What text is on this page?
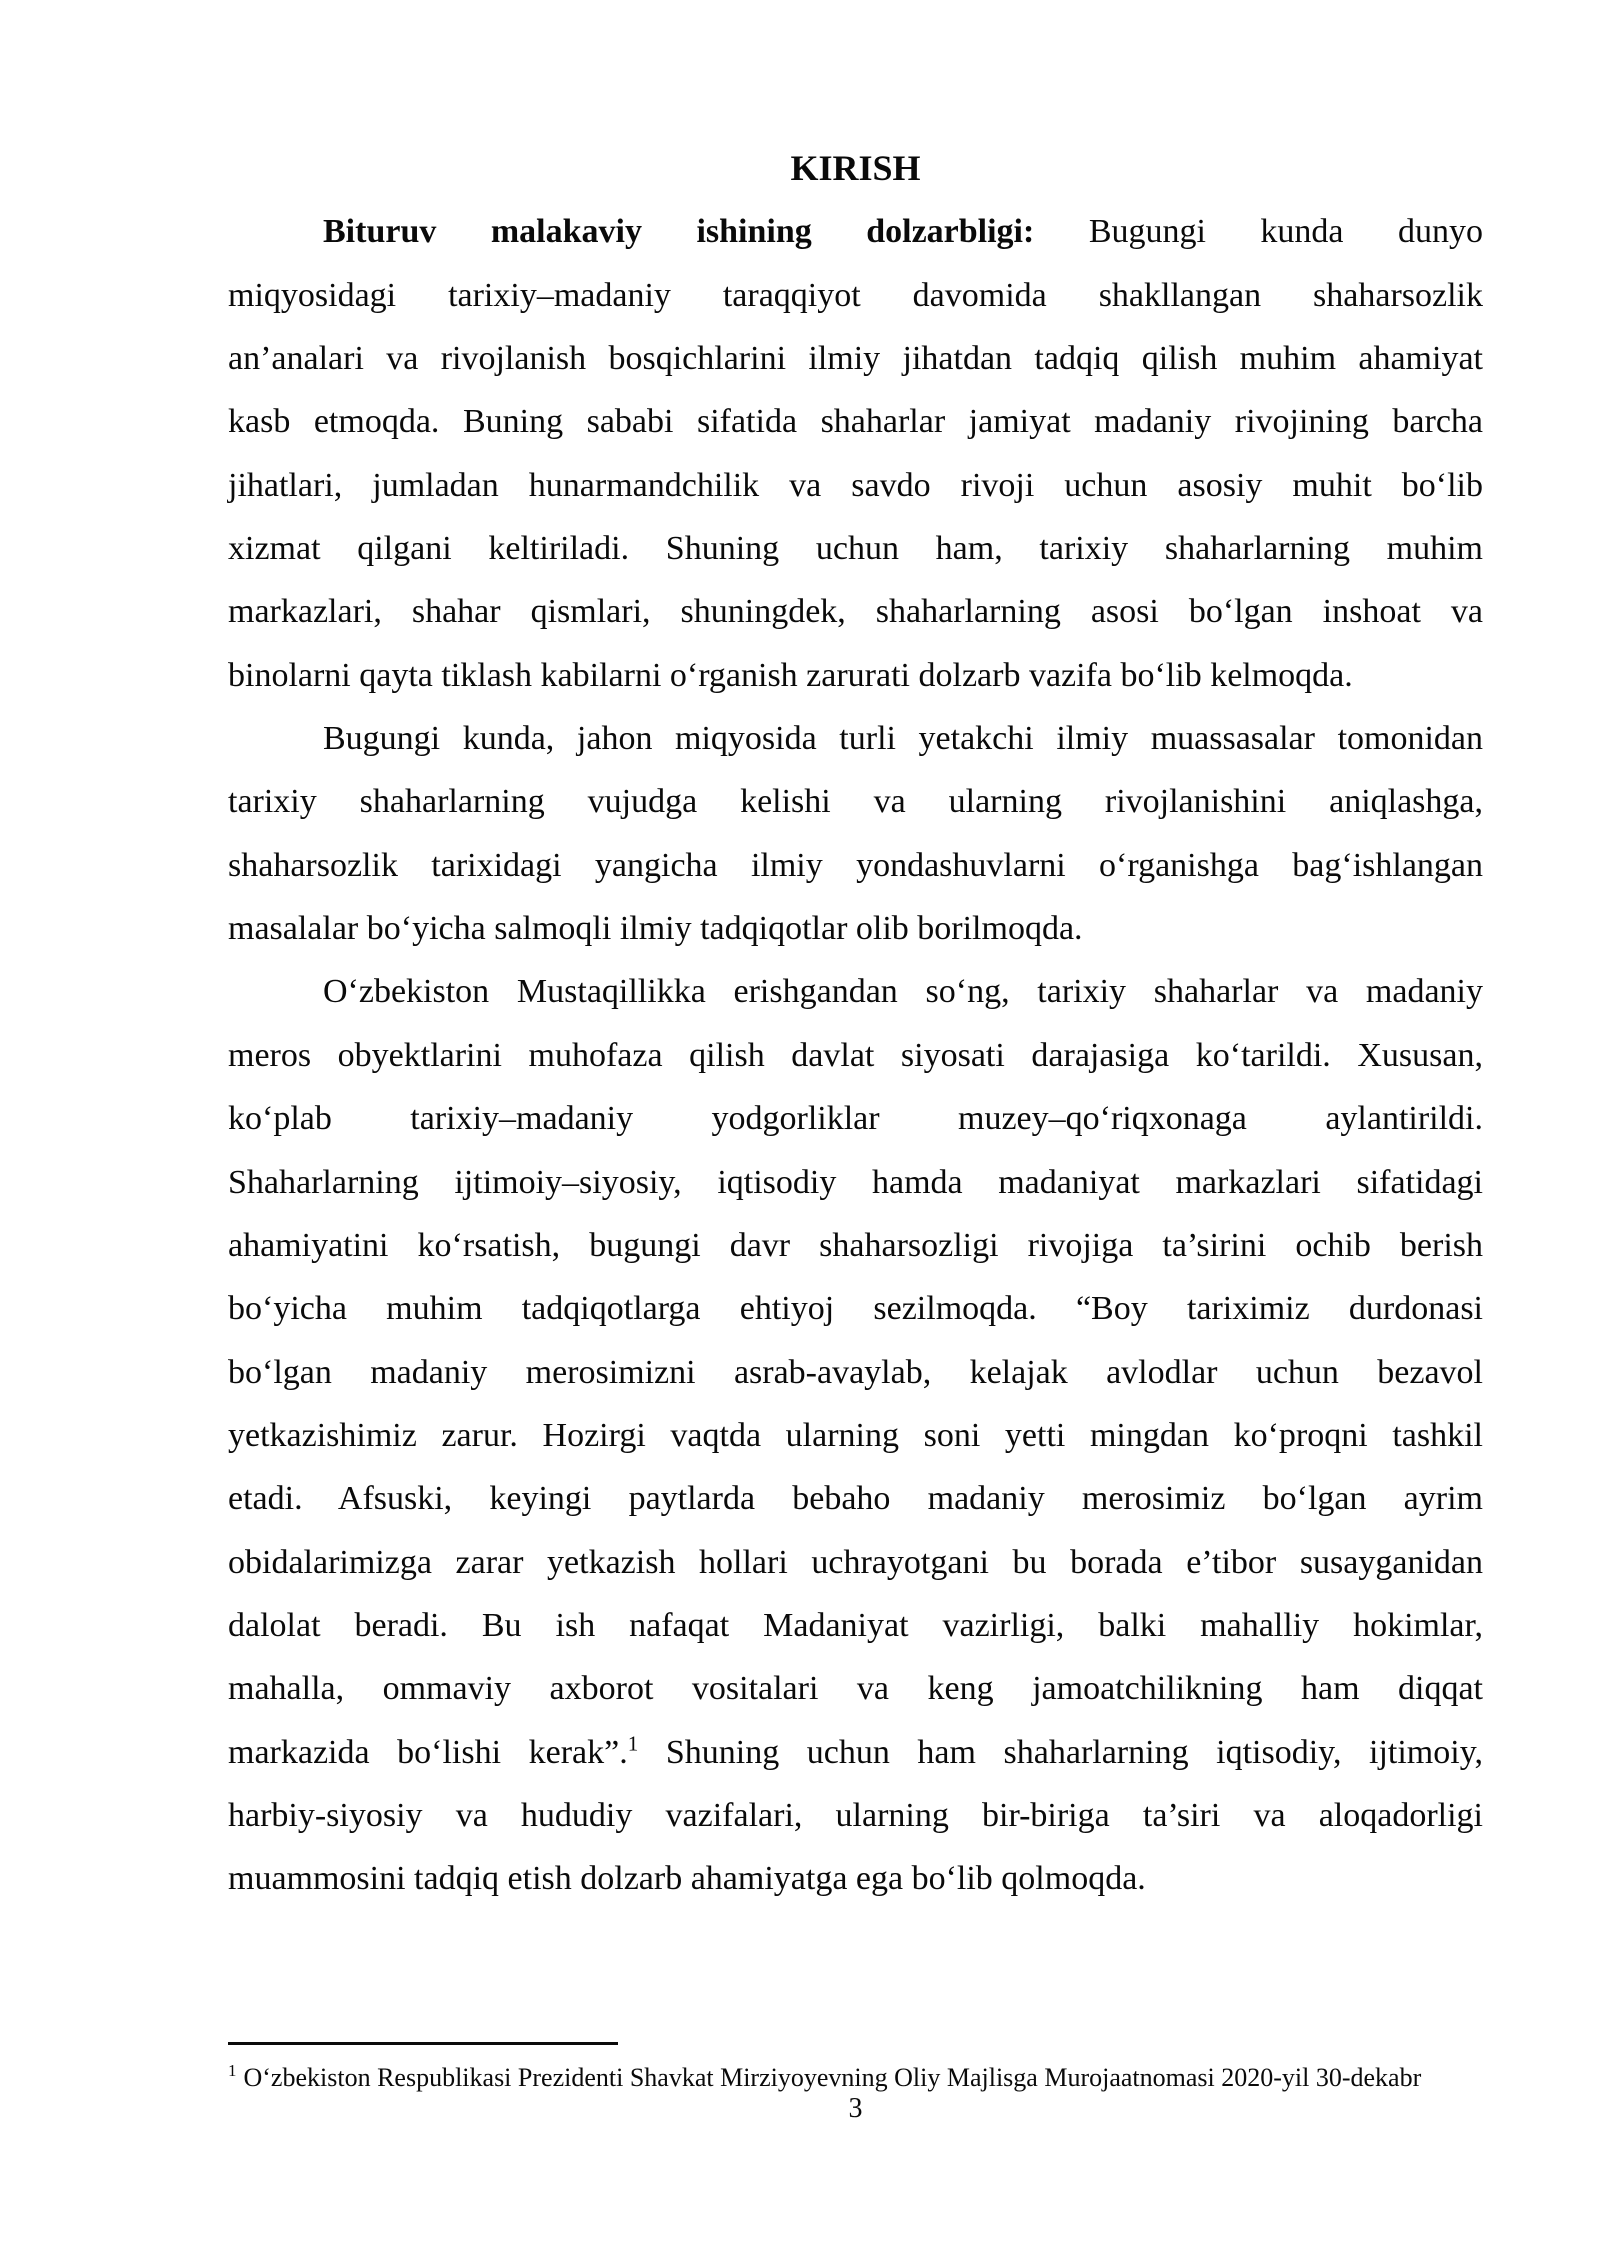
KIRISH
Bituruv malakaviy ishining dolzarbligi: Bugungi kunda dunyo
miqyosidagi tarixiy–madaniy taraqqiyot davomida shakllangan shaharsozlik
an’analari va rivojlanish bosqichlarini ilmiy jihatdan tadqiq qilish muhim ahamiyat
kasb etmoqda. Buning sababi sifatida shaharlar jamiyat madaniy rivojining barcha
jihatlari, jumladan hunarmandchilik va savdo rivoji uchun asosiy muhit bo‘lib
xizmat qilgani keltiriladi. Shuning uchun ham, tarixiy shaharlarning muhim
markazlari, shahar qismlari, shuningdek, shaharlarning asosi bo‘lgan inshoat va
binolarni qayta tiklash kabilarni o‘rganish zarurati dolzarb vazifa bo‘lib kelmoqda.
Bugungi kunda, jahon miqyosida turli yetakchi ilmiy muassasalar tomonidan
tarixiy shaharlarning vujudga kelishi va ularning rivojlanishini aniqlashga,
shaharsozlik tarixidagi yangicha ilmiy yondashuvlarni o‘rganishga bag‘ishlangan
masalalar bo‘yicha salmoqli ilmiy tadqiqotlar olib borilmoqda.
O‘zbekiston Mustaqillikka erishgandan so‘ng, tarixiy shaharlar va madaniy
meros obyektlarini muhofaza qilish davlat siyosati darajasiga ko‘tarildi. Xususan,
ko‘plab tarixiy–madaniy yodgorliklar muzey–qo‘riqxonaga aylantirildi.
Shaharlarning ijtimoiy–siyosiy, iqtisodiy hamda madaniyat markazlari sifatidagi
ahamiyatini ko‘rsatish, bugungi davr shaharsozligi rivojiga ta’sirini ochib berish
bo‘yicha muhim tadqiqotlarga ehtiyoj sezilmoqda. “Boy tariximiz durdonasi
bo‘lgan madaniy merosimizni asrab-avaylab, kelajak avlodlar uchun bezavol
yetkazishimiz zarur. Hozirgi vaqtda ularning soni yetti mingdan ko‘proqni tashkil
etadi. Afsuski, keyingi paytlarda bebaho madaniy merosimiz bo‘lgan ayrim
obidalarimizga zarar yetkazish hollari uchrayotgani bu borada e’tibor susayganidan
dalolat beradi. Bu ish nafaqat Madaniyat vazirligi, balki mahalliy hokimlar,
mahalla, ommaviy axborot vositalari va keng jamoatchilikning ham diqqat
markazida bo‘lishi kerak”.$^1$ Shuning uchun ham shaharlarning iqtisodiy, ijtimoiy,
harbiy-siyosiy va hududiy vazifalari, ularning bir-biriga ta’siri va aloqadorligi
muammosini tadqiq etish dolzarb ahamiyatga ega bo‘lib qolmoqda.
$^1$ O‘zbekiston Respublikasi Prezidenti Shavkat Mirziyoyevning Oliy Majlisga Murojaatnomasi 2020-yil 30-dekabr
3
